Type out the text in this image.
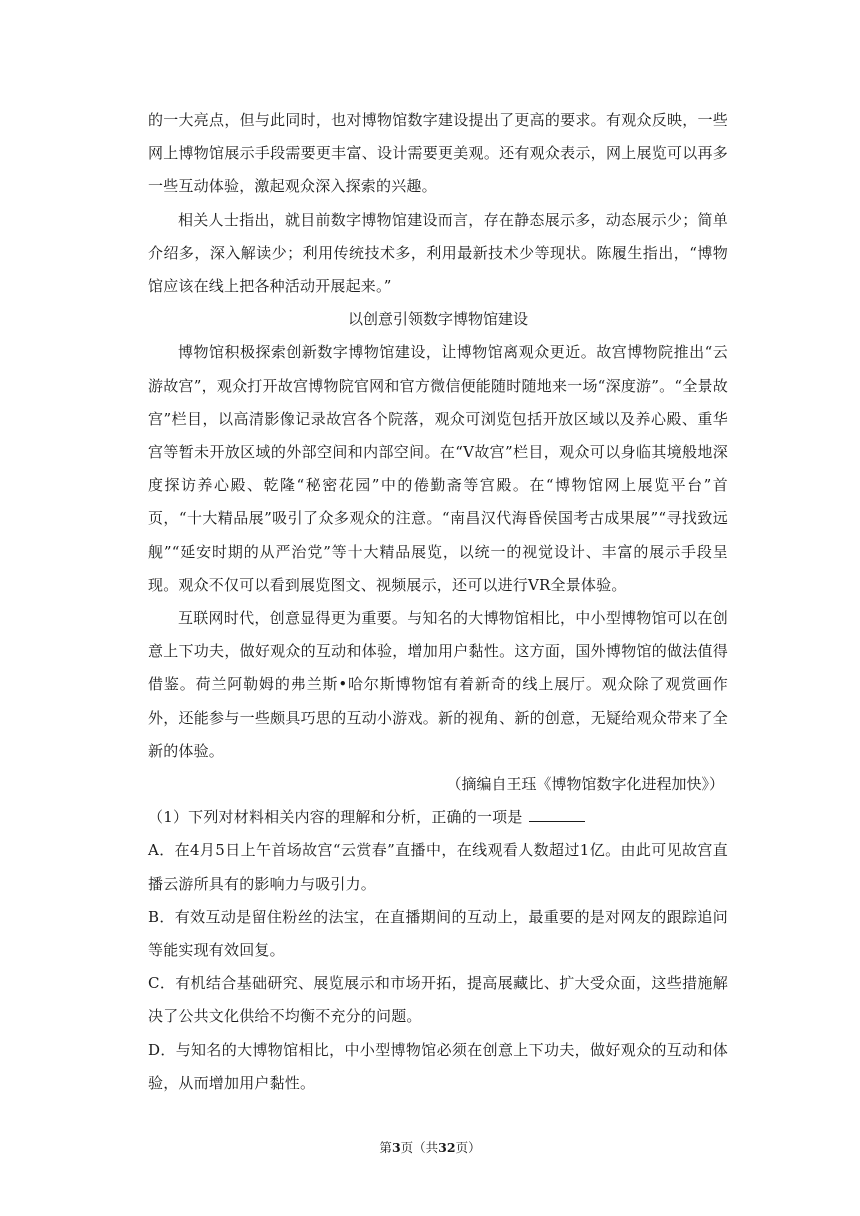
的一大亮点，但与此同时，也对博物馆数字建设提出了更高的要求。有观众反映，一些网上博物馆展示手段需要更丰富、设计需要更美观。还有观众表示，网上展览可以再多一些互动体验，激起观众深入探索的兴趣。

相关人士指出，就目前数字博物馆建设而言，存在静态展示多，动态展示少；简单介绍多，深入解读少；利用传统技术多，利用最新技术少等现状。陈履生指出，“博物馆应该在线上把各种活动开展起来。”

以创意引领数字博物馆建设

博物馆积极探索创新数字博物馆建设，让博物馆离观众更近。故宫博物院推出“云游故宫”，观众打开故宫博物院官网和官方微信便能随时随地来一场“深度游”。“全景故宫”栏目，以高清影像记录故宫各个院落，观众可浏览包括开放区域以及养心殿、重华宫等暂未开放区域的外部空间和内部空间。在“V故宫”栏目，观众可以身临其境般地深度探访养心殿、乾隆“秘密花园”中的倦勤斋等宫殿。在“博物馆网上展览平台”首页，“十大精品展”吸引了众多观众的注意。“南昌汉代海昏侯国考古成果展”“寻找致远舰”“延安时期的从严治党”等十大精品展览，以统一的视觉设计、丰富的展示手段呈现。观众不仅可以看到展览图文、视频展示，还可以进行VR全景体验。

互联网时代，创意显得更为重要。与知名的大博物馆相比，中小型博物馆可以在创意上下功夫，做好观众的互动和体验，增加用户黏性。这方面，国外博物馆的做法值得借鉴。荷兰阿勒姆的弗兰斯•哈尔斯博物馆有着新奇的线上展厅。观众除了观赏画作外，还能参与一些颇具巧思的互动小游戏。新的视角、新的创意，无疑给观众带来了全新的体验。

（摘编自王珏《博物馆数字化进程加快》）

（1）下列对材料相关内容的理解和分析，正确的一项是

A．在4月5日上午首场故宫“云赏春”直播中，在线观看人数超过1亿。由此可见故宫直播云游所具有的影响力与吸引力。

B．有效互动是留住粉丝的法宝，在直播期间的互动上，最重要的是对网友的跟踪追问等能实现有效回复。

C．有机结合基础研究、展览展示和市场开拓，提高展藏比、扩大受众面，这些措施解决了公共文化供给不均衡不充分的问题。

D．与知名的大博物馆相比，中小型博物馆必须在创意上下功夫，做好观众的互动和体验，从而增加用户黏性。

第3页（共32页）
